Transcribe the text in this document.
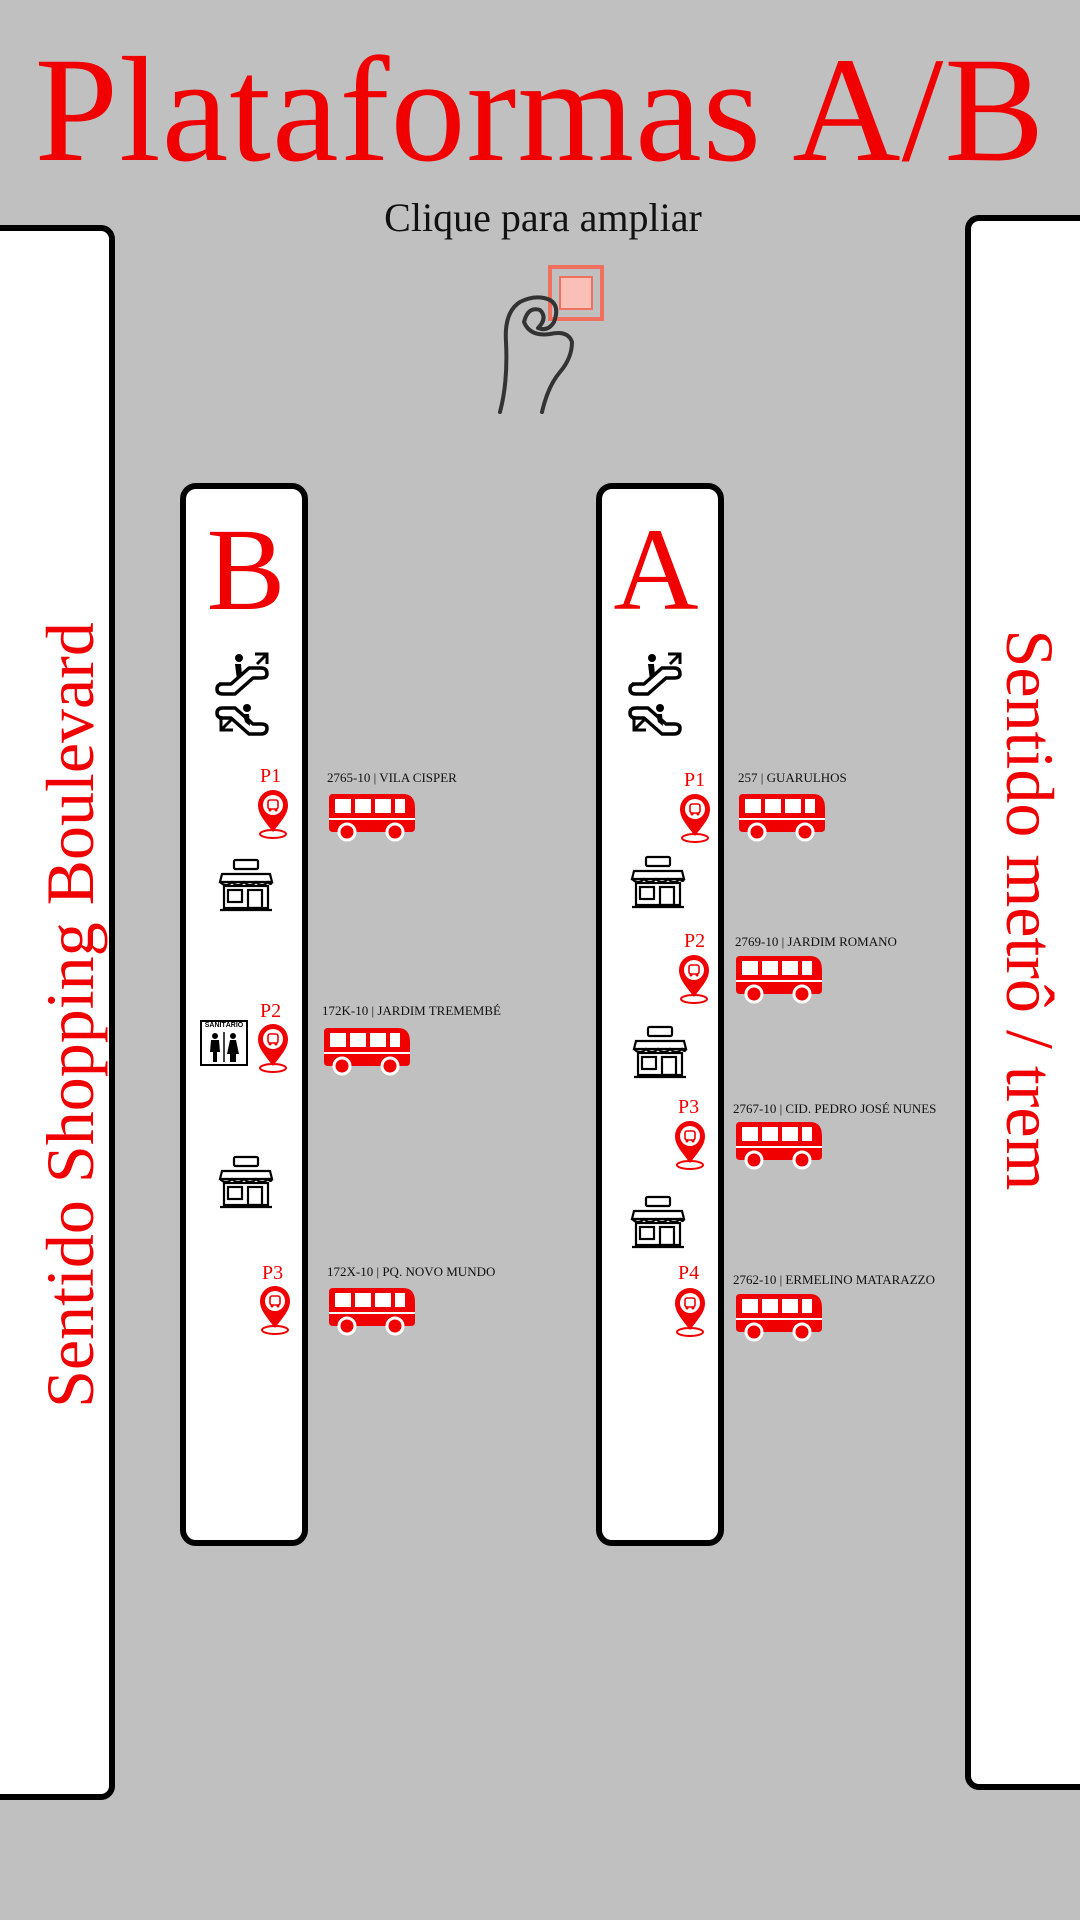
Plataformas A/B
Clique para ampliar
Sentido Shopping Boulevard	Sentido metrô / trem
B
P1	2765-10 | VILA CISPER
SANITÁRIO
P2	172K-10 | JARDIM TREMEMBÉ
P3	172X-10 | PQ. NOVO MUNDO
A
P1	257 | GUARULHOS
P2 2769-10 | JARDIM ROMANO
P3	2767-10 | CID. PEDRO JOSÉ NUNES
P4	2762-10 | ERMELINO MATARAZZO
